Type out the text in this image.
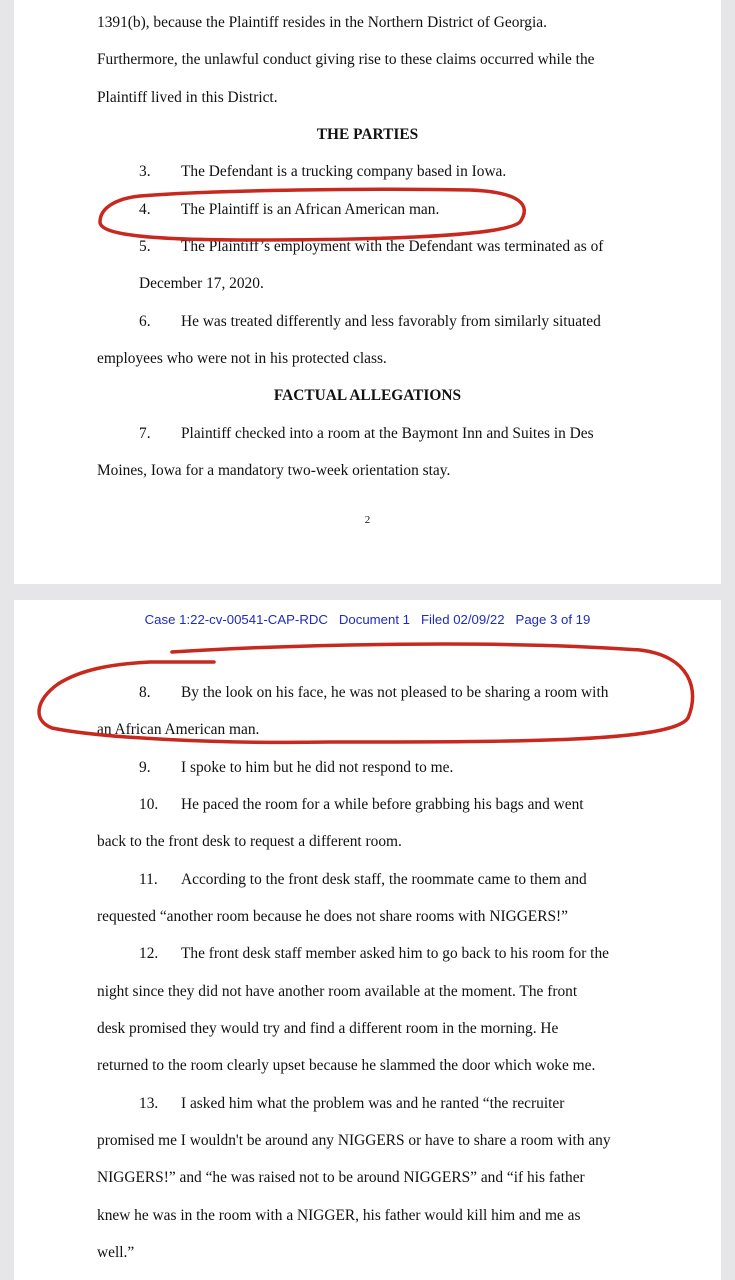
1391(b), because the Plaintiff resides in the Northern District of Georgia.
Furthermore, the unlawful conduct giving rise to these claims occurred while the
Plaintiff lived in this District.
THE PARTIES
3. The Defendant is a trucking company based in Iowa.
4. The Plaintiff is an African American man.
5. The Plaintiff’s employment with the Defendant was terminated as of
December 17, 2020.
6. He was treated differently and less favorably from similarly situated
employees who were not in his protected class.
FACTUAL ALLEGATIONS
7. Plaintiff checked into a room at the Baymont Inn and Suites in Des
Moines, Iowa for a mandatory two-week orientation stay.
2
Case 1:22-cv-00541-CAP-RDC   Document 1   Filed 02/09/22   Page 3 of 19
8. By the look on his face, he was not pleased to be sharing a room with
an African American man.
9. I spoke to him but he did not respond to me.
10. He paced the room for a while before grabbing his bags and went
back to the front desk to request a different room.
11. According to the front desk staff, the roommate came to them and
requested “another room because he does not share rooms with NIGGERS!”
12. The front desk staff member asked him to go back to his room for the
night since they did not have another room available at the moment. The front
desk promised they would try and find a different room in the morning. He
returned to the room clearly upset because he slammed the door which woke me.
13. I asked him what the problem was and he ranted “the recruiter
promised me I wouldn't be around any NIGGERS or have to share a room with any
NIGGERS!” and “he was raised not to be around NIGGERS” and “if his father
knew he was in the room with a NIGGER, his father would kill him and me as
well.”
